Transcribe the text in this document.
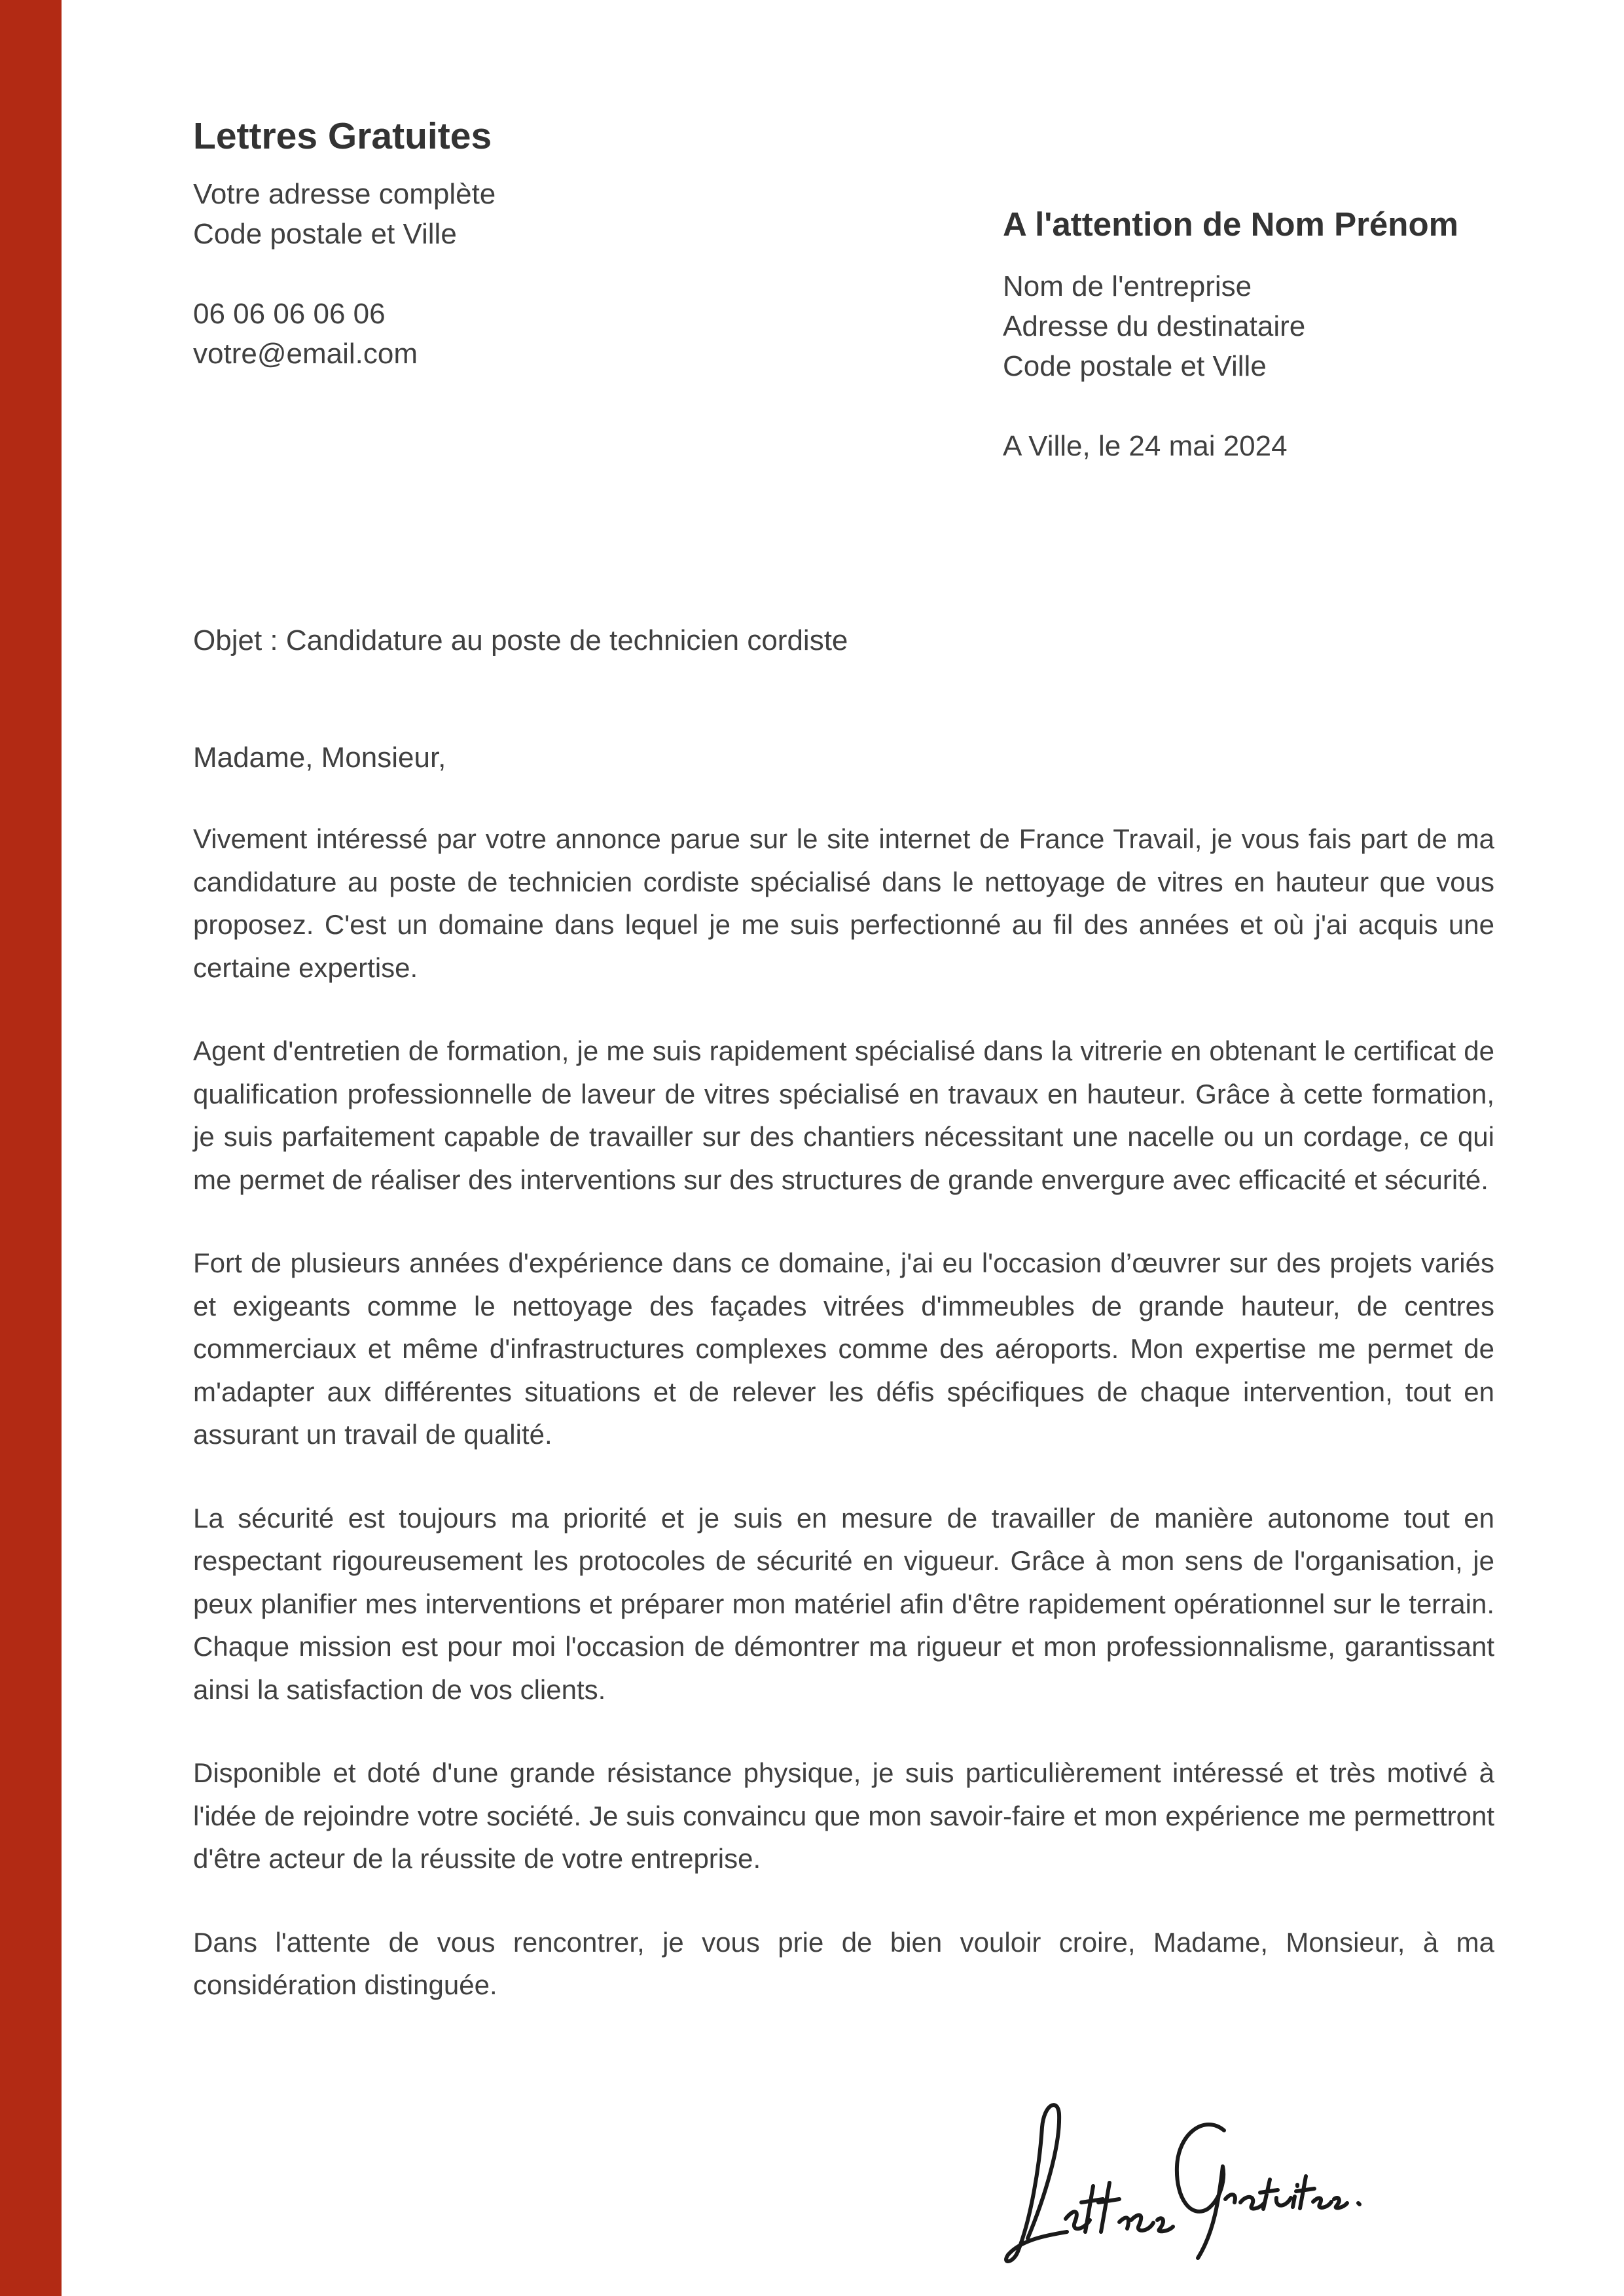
Lettres Gratuites
Votre adresse complète
Code postale et Ville
06 06 06 06 06
votre@email.com
A l'attention de Nom Prénom
Nom de l'entreprise
Adresse du destinataire
Code postale et Ville
A Ville, le 24 mai 2024
Objet : Candidature au poste de technicien cordiste
Madame, Monsieur,

Vivement intéressé par votre annonce parue sur le site internet de France Travail, je vous fais part de ma candidature au poste de technicien cordiste spécialisé dans le nettoyage de vitres en hauteur que vous proposez. C'est un domaine dans lequel je me suis perfectionné au fil des années et où j'ai acquis une certaine expertise.

Agent d'entretien de formation, je me suis rapidement spécialisé dans la vitrerie en obtenant le certificat de qualification professionnelle de laveur de vitres spécialisé en travaux en hauteur. Grâce à cette formation, je suis parfaitement capable de travailler sur des chantiers nécessitant une nacelle ou un cordage, ce qui me permet de réaliser des interventions sur des structures de grande envergure avec efficacité et sécurité.

Fort de plusieurs années d'expérience dans ce domaine, j'ai eu l'occasion d’œuvrer sur des projets variés et exigeants comme le nettoyage des façades vitrées d'immeubles de grande hauteur, de centres commerciaux et même d'infrastructures complexes comme des aéroports. Mon expertise me permet de m'adapter aux différentes situations et de relever les défis spécifiques de chaque intervention, tout en assurant un travail de qualité.

La sécurité est toujours ma priorité et je suis en mesure de travailler de manière autonome tout en respectant rigoureusement les protocoles de sécurité en vigueur. Grâce à mon sens de l'organisation, je peux planifier mes interventions et préparer mon matériel afin d'être rapidement opérationnel sur le terrain. Chaque mission est pour moi l'occasion de démontrer ma rigueur et mon professionnalisme, garantissant ainsi la satisfaction de vos clients.

Disponible et doté d'une grande résistance physique, je suis particulièrement intéressé et très motivé à l'idée de rejoindre votre société. Je suis convaincu que mon savoir-faire et mon expérience me permettront d'être acteur de la réussite de votre entreprise.

Dans l'attente de vous rencontrer, je vous prie de bien vouloir croire, Madame, Monsieur, à ma considération distinguée.
